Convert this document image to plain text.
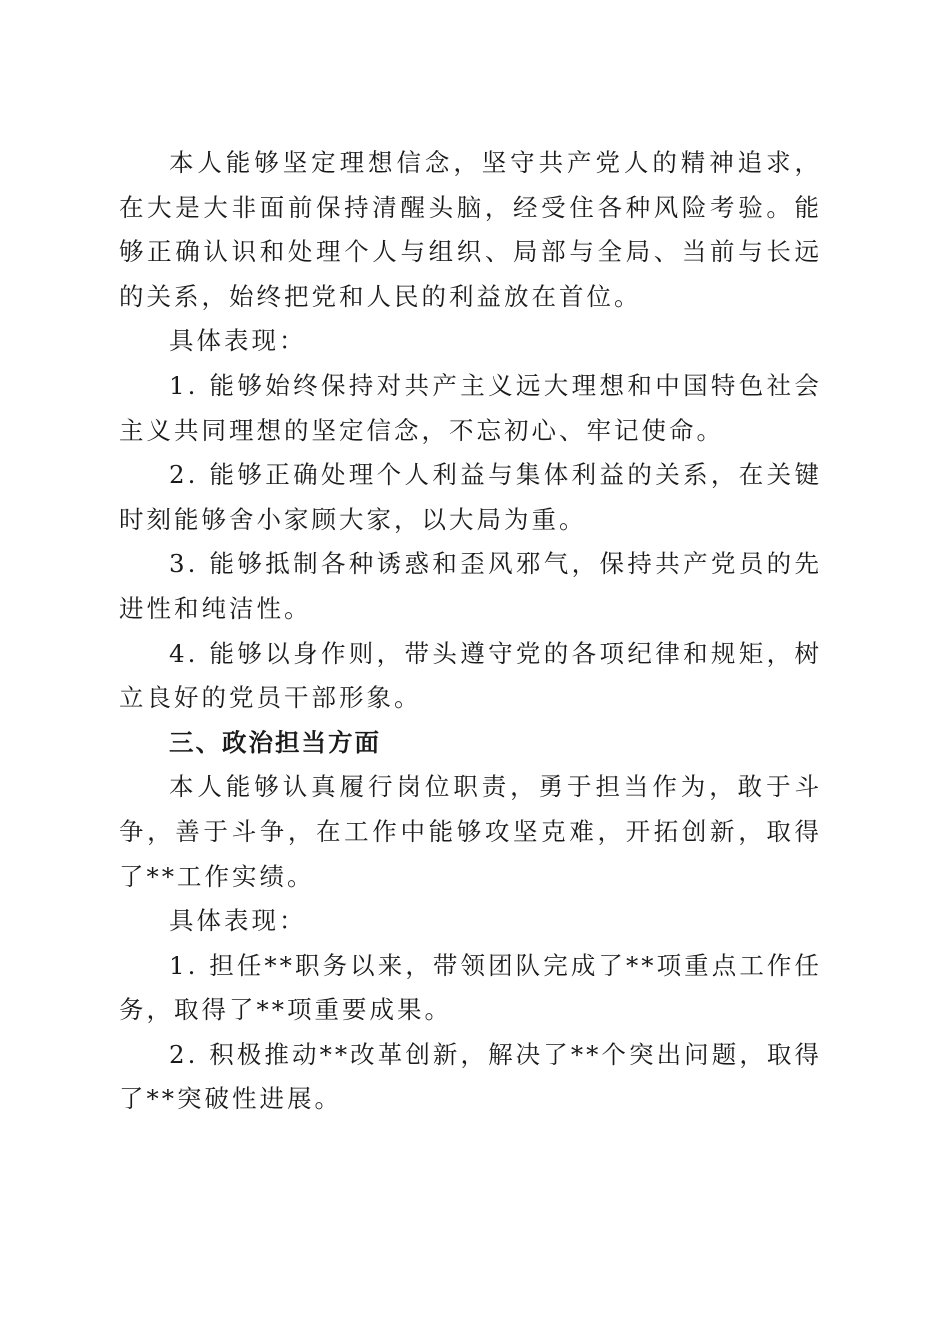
本人能够坚定理想信念，坚守共产党人的精神追求，在大是大非面前保持清醒头脑，经受住各种风险考验。能够正确认识和处理个人与组织、局部与全局、当前与长远的关系，始终把党和人民的利益放在首位。

具体表现：

1. 能够始终保持对共产主义远大理想和中国特色社会主义共同理想的坚定信念，不忘初心、牢记使命。

2. 能够正确处理个人利益与集体利益的关系，在关键时刻能够舍小家顾大家，以大局为重。

3. 能够抵制各种诱惑和歪风邪气，保持共产党员的先进性和纯洁性。

4. 能够以身作则，带头遵守党的各项纪律和规矩，树立良好的党员干部形象。

三、政治担当方面

本人能够认真履行岗位职责，勇于担当作为，敢于斗争，善于斗争，在工作中能够攻坚克难，开拓创新，取得了**工作实绩。

具体表现：

1. 担任**职务以来，带领团队完成了**项重点工作任务，取得了**项重要成果。

2. 积极推动**改革创新，解决了**个突出问题，取得了**突破性进展。
